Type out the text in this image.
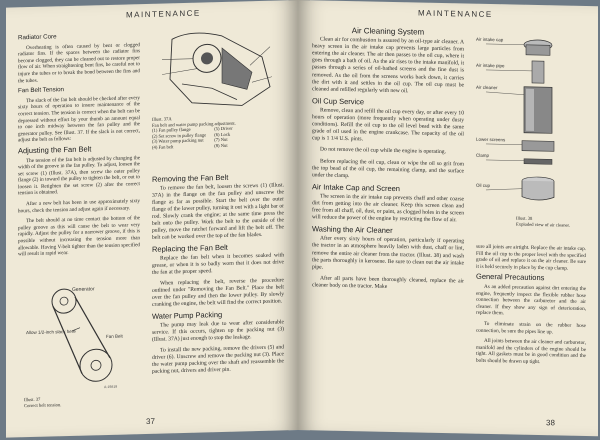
MAINTENANCE
Radiator Core

Overheating is often caused by bent or clogged radiator fins. If the spaces between the radiator fins become clogged, they can be cleaned out to restore proper flow of air. When straightening bent fins, be careful not to injure the tubes or to break the bond between the fins and the tubes.

Fan Belt Tension

The slack of the fan belt should be checked after every sixty hours of operation to insure maintenance of the correct tension. The tension is correct when the belt can be depressed without effort by your thumb an amount equal to one inch midway between the fan pulley and the generator pulley. See Illust. 37. If the slack is not correct, adjust the belt as follows:

Adjusting the Fan Belt

The tension of the fan belt is adjusted by changing the width of the groove in the fan pulley. To adjust, loosen the set screw (1) (Illust. 37A), then screw the outer pulley flange (2) in toward the pulley to tighten the belt, or out to loosen it. Retighten the set screw (2) after the correct tension is obtained.

After a new belt has been in use approximately sixty hours, check the tension and adjust again if necessary.

The belt should at no time contact the bottom of the pulley groove as this will cause the belt to wear very rapidly. Adjust the pulley for a narrower groove, if this is possible without increasing the tension more than allowable. Having V-belt tighter than the tension specified will result in rapid wear.

Generator
Allow 1/2-inch slack here
Fan Belt
A-19819
Illust. 37
Correct belt tension.
Illust. 37A
Fan belt and water pump packing adjustment.
(1) Fan pulley flange
(2) Set screw in pulley flange
(3) Water pump packing nut
(4) Fan belt
(5) Driver
(6) Lock
(7) Nut
(8) Nut
Removing the Fan Belt

To remove the fan belt, loosen the screws (1) (Illust. 37A) in the flange on the fan pulley and unscrew the flange as far as possible. Start the belt over the outer flange of the lower pulley, turning it out with a light bar or rod. Slowly crank the engine; at the same time press the belt onto the pulley. Work the belt to the outside of the pulley, move the ratchet forward and lift the belt off. The belt can be worked over the top of the fan blades.

Replacing the Fan Belt

Replace the fan belt when it becomes soaked with grease, or when it is so badly worn that it does not drive the fan at the proper speed.

When replacing the belt, reverse the procedure outlined under "Removing the Fan Belt." Place the belt over the fan pulley and then the lower pulley. By slowly cranking the engine, the belt will find the correct position.

Water Pump Packing

The pump may leak due to wear after considerable service. If this occurs, tighten up the packing nut (3) (Illust. 37A) just enough to stop the leakage.

To install the new packing, remove the drivers (5) and driver (6). Unscrew and remove the packing nut (3). Place the water pump packing over the shaft and reassemble the packing nut, drivers and driver pin.

37
MAINTENANCE
Air Cleaning System

Clean air for combustion is assured by an oil-type air cleaner. A heavy screen in the air intake cap prevents large particles from entering the air cleaner. The air then passes to the oil cup, where it goes through a bath of oil. As the air rises to the intake manifold, it passes through a series of oil-bathed screens and the fine dust is removed. As the oil from the screens works back down, it carries the dirt with it and settles in the oil cup. The oil cup must be cleaned and refilled regularly with new oil.

Oil Cup Service

Remove, clean and refill the oil cup every day, or after every 10 hours of operation (more frequently when operating under dusty conditions). Refill the oil cup to the oil level bead with the same grade of oil used in the engine crankcase. The capacity of the oil cup is 1 1/4 U.S. pints.

Do not remove the oil cup while the engine is operating.

Before replacing the oil cup, clean or wipe the oil so grit from the top bead of the oil cup, the remaining clamp, and the surface under the clamp.

Air Intake Cap and Screen

The screen in the air intake cap prevents chaff and other coarse dirt from getting into the air cleaner. Keep this screen clean and free from all chaff, oil, dust, or paint, as clogged holes in the screen will reduce the power of the engine by restricting the flow of air.

Washing the Air Cleaner

After every sixty hours of operation, particularly if operating the tractor in an atmosphere heavily laden with dust, chaff or lint, remove the entire air cleaner from the tractor. (Illust. 38) and wash the parts thoroughly in kerosene. Be sure to clean out the air intake pipe.

After all parts have been thoroughly cleaned, replace the air cleaner body on the tractor. Make

Air intake cap
Air intake pipe
Air cleaner
Lower screens
Clamp
Oil cup
Illust. 38
Exploded view of air cleaner.

sure all joints are airtight. Replace the air intake cap. Fill the oil cup to the proper level with the specified grade of oil and replace it on the air cleaner. Be sure it is held securely in place by the cup clamp.

General Precautions

As an added precaution against dirt entering the engine, frequently inspect the flexible rubber hose connection between the carburetor and the air cleaner. If they show any sign of deterioration, replace them.

To eliminate strain on the rubber hose connection, be sure the pipes line up.

All joints between the air cleaner and carburetor, manifold and the cylinders of the engine should be tight. All gaskets must be in good condition and the bolts should be drawn up tight.

38
